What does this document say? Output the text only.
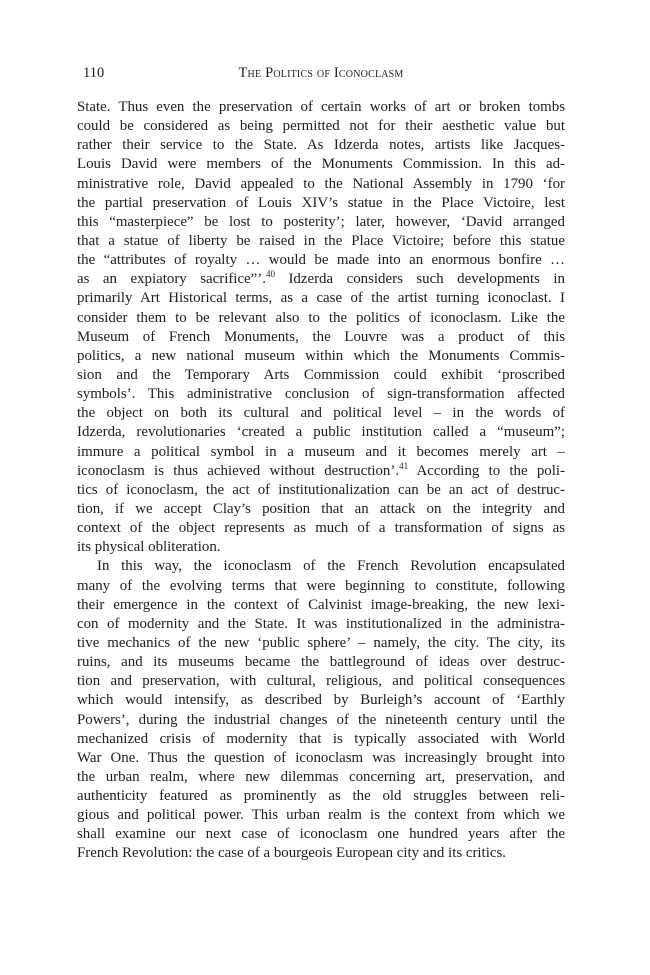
110	The Politics of Iconoclasm
State. Thus even the preservation of certain works of art or broken tombs
could be considered as being permitted not for their aesthetic value but
rather their service to the State. As Idzerda notes, artists like Jacques-
Louis David were members of the Monuments Commission. In this ad-
ministrative role, David appealed to the National Assembly in 1790 ‘for
the partial preservation of Louis XIV’s statue in the Place Victoire, lest
this “masterpiece” be lost to posterity’; later, however, ‘David arranged
that a statue of liberty be raised in the Place Victoire; before this statue
the “attributes of royalty … would be made into an enormous bonfire …
as an expiatory sacrifice”’.$^{40}$ Idzerda considers such developments in
primarily Art Historical terms, as a case of the artist turning iconoclast. I
consider them to be relevant also to the politics of iconoclasm. Like the
Museum of French Monuments, the Louvre was a product of this
politics, a new national museum within which the Monuments Commis-
sion and the Temporary Arts Commission could exhibit ‘proscribed
symbols’. This administrative conclusion of sign-transformation affected
the object on both its cultural and political level – in the words of
Idzerda, revolutionaries ‘created a public institution called a “museum”;
immure a political symbol in a museum and it becomes merely art –
iconoclasm is thus achieved without destruction’.$^{41}$ According to the poli-
tics of iconoclasm, the act of institutionalization can be an act of destruc-
tion, if we accept Clay’s position that an attack on the integrity and
context of the object represents as much of a transformation of signs as
its physical obliteration.
In this way, the iconoclasm of the French Revolution encapsulated
many of the evolving terms that were beginning to constitute, following
their emergence in the context of Calvinist image-breaking, the new lexi-
con of modernity and the State. It was institutionalized in the administra-
tive mechanics of the new ‘public sphere’ – namely, the city. The city, its
ruins, and its museums became the battleground of ideas over destruc-
tion and preservation, with cultural, religious, and political consequences
which would intensify, as described by Burleigh’s account of ‘Earthly
Powers’, during the industrial changes of the nineteenth century until the
mechanized crisis of modernity that is typically associated with World
War One. Thus the question of iconoclasm was increasingly brought into
the urban realm, where new dilemmas concerning art, preservation, and
authenticity featured as prominently as the old struggles between reli-
gious and political power. This urban realm is the context from which we
shall examine our next case of iconoclasm one hundred years after the
French Revolution: the case of a bourgeois European city and its critics.
